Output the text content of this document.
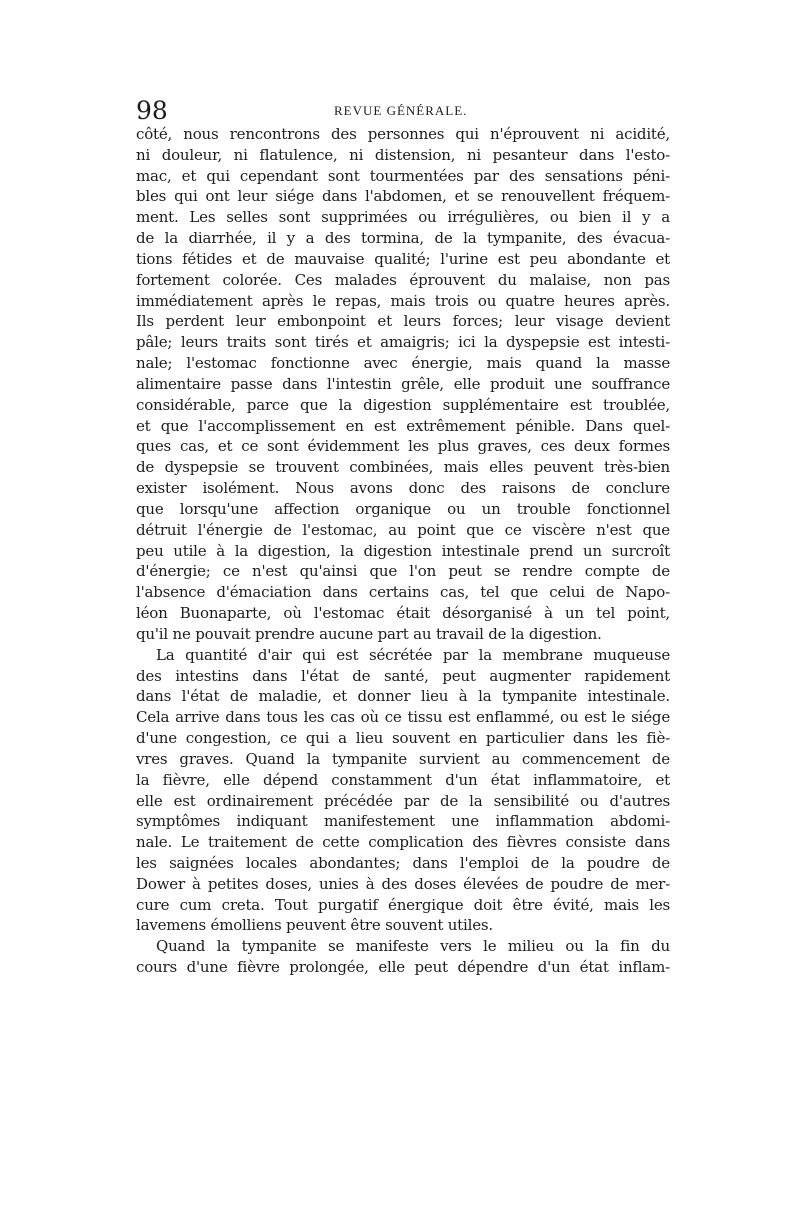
98	REVUE GÉNÉRALE.
côté, nous rencontrons des personnes qui n'éprouvent ni acidité,
ni douleur, ni flatulence, ni distension, ni pesanteur dans l'esto-
mac, et qui cependant sont tourmentées par des sensations péni-
bles qui ont leur siége dans l'abdomen, et se renouvellent fréquem-
ment. Les selles sont supprimées ou irrégulières, ou bien il y a
de la diarrhée, il y a des tormina, de la tympanite, des évacua-
tions fétides et de mauvaise qualité; l'urine est peu abondante et
fortement colorée. Ces malades éprouvent du malaise, non pas
immédiatement après le repas, mais trois ou quatre heures après.
Ils perdent leur embonpoint et leurs forces; leur visage devient
pâle; leurs traits sont tirés et amaigris; ici la dyspepsie est intesti-
nale; l'estomac fonctionne avec énergie, mais quand la masse
alimentaire passe dans l'intestin grêle, elle produit une souffrance
considérable, parce que la digestion supplémentaire est troublée,
et que l'accomplissement en est extrêmement pénible. Dans quel-
ques cas, et ce sont évidemment les plus graves, ces deux formes
de dyspepsie se trouvent combinées, mais elles peuvent très-bien
exister isolément. Nous avons donc des raisons de conclure
que lorsqu'une affection organique ou un trouble fonctionnel
détruit l'énergie de l'estomac, au point que ce viscère n'est que
peu utile à la digestion, la digestion intestinale prend un surcroît
d'énergie; ce n'est qu'ainsi que l'on peut se rendre compte de
l'absence d'émaciation dans certains cas, tel que celui de Napo-
léon Buonaparte, où l'estomac était désorganisé à un tel point,
qu'il ne pouvait prendre aucune part au travail de la digestion.
La quantité d'air qui est sécrétée par la membrane muqueuse
des intestins dans l'état de santé, peut augmenter rapidement
dans l'état de maladie, et donner lieu à la tympanite intestinale.
Cela arrive dans tous les cas où ce tissu est enflammé, ou est le siége
d'une congestion, ce qui a lieu souvent en particulier dans les fiè-
vres graves. Quand la tympanite survient au commencement de
la fièvre, elle dépend constamment d'un état inflammatoire, et
elle est ordinairement précédée par de la sensibilité ou d'autres
symptômes indiquant manifestement une inflammation abdomi-
nale. Le traitement de cette complication des fièvres consiste dans
les saignées locales abondantes; dans l'emploi de la poudre de
Dower à petites doses, unies à des doses élevées de poudre de mer-
cure cum creta. Tout purgatif énergique doit être évité, mais les
lavemens émolliens peuvent être souvent utiles.
Quand la tympanite se manifeste vers le milieu ou la fin du
cours d'une fièvre prolongée, elle peut dépendre d'un état inflam-
